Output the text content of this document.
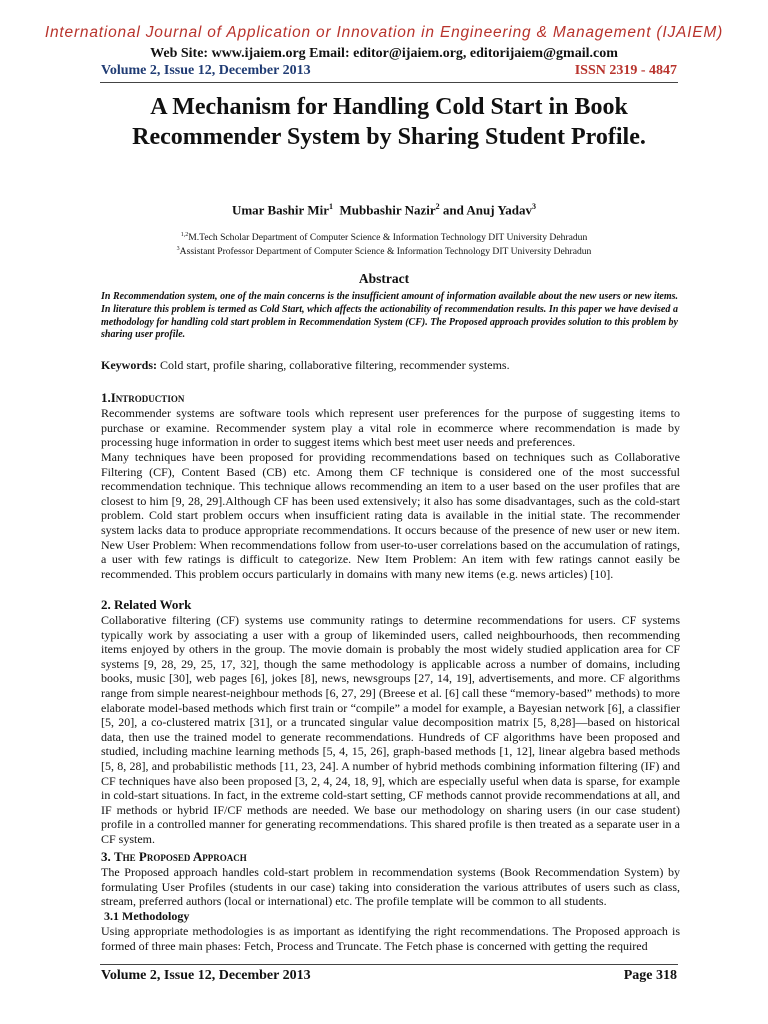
International Journal of Application or Innovation in Engineering & Management (IJAIEM)
Web Site: www.ijaiem.org Email: editor@ijaiem.org, editorijaiem@gmail.com
Volume 2, Issue 12, December 2013	ISSN 2319 - 4847
A Mechanism for Handling Cold Start in Book Recommender System by Sharing Student Profile.
Umar Bashir Mir$^1$ Mubbashir Nazir$^2$ and Anuj Yadav$^3$
$^{1,2}$M.Tech Scholar Department of Computer Science & Information Technology DIT University Dehradun
$^3$Assistant Professor Department of Computer Science & Information Technology DIT University Dehradun
Abstract

In Recommendation system, one of the main concerns is the insufficient amount of information available about the new users or new items. In literature this problem is termed as Cold Start, which affects the actionability of recommendation results. In this paper we have devised a methodology for handling cold start problem in Recommendation System (CF). The Proposed approach provides solution to this problem by sharing user profile.

Keywords: Cold start, profile sharing, collaborative filtering, recommender systems.

1.Introduction

Recommender systems are software tools which represent user preferences for the purpose of suggesting items to purchase or examine. Recommender system play a vital role in ecommerce where recommendation is made by processing huge information in order to suggest items which best meet user needs and preferences.

Many techniques have been proposed for providing recommendations based on techniques such as Collaborative Filtering (CF), Content Based (CB) etc. Among them CF technique is considered one of the most successful recommendation technique. This technique allows recommending an item to a user based on the user profiles that are closest to him [9, 28, 29].Although CF has been used extensively; it also has some disadvantages, such as the cold-start problem. Cold start problem occurs when insufficient rating data is available in the initial state. The recommender system lacks data to produce appropriate recommendations. It occurs because of the presence of new user or new item. New User Problem: When recommendations follow from user-to-user correlations based on the accumulation of ratings, a user with few ratings is difficult to categorize. New Item Problem: An item with few ratings cannot easily be recommended. This problem occurs particularly in domains with many new items (e.g. news articles) [10].

2. Related Work

Collaborative filtering (CF) systems use community ratings to determine recommendations for users. CF systems typically work by associating a user with a group of likeminded users, called neighbourhoods, then recommending items enjoyed by others in the group. The movie domain is probably the most widely studied application area for CF systems [9, 28, 29, 25, 17, 32], though the same methodology is applicable across a number of domains, including books, music [30], web pages [6], jokes [8], news, newsgroups [27, 14, 19], advertisements, and more. CF algorithms range from simple nearest-neighbour methods [6, 27, 29] (Breese et al. [6] call these “memory-based” methods) to more elaborate model-based methods which first train or “compile” a model for example, a Bayesian network [6], a classifier [5, 20], a co-clustered matrix [31], or a truncated singular value decomposition matrix [5, 8,28]—based on historical data, then use the trained model to generate recommendations. Hundreds of CF algorithms have been proposed and studied, including machine learning methods [5, 4, 15, 26], graph-based methods [1, 12], linear algebra based methods [5, 8, 28], and probabilistic methods [11, 23, 24]. A number of hybrid methods combining information filtering (IF) and CF techniques have also been proposed [3, 2, 4, 24, 18, 9], which are especially useful when data is sparse, for example in cold-start situations. In fact, in the extreme cold-start setting, CF methods cannot provide recommendations at all, and IF methods or hybrid IF/CF methods are needed. We base our methodology on sharing users (in our case student) profile in a controlled manner for generating recommendations. This shared profile is then treated as a separate user in a CF system.

3. The Proposed Approach

The Proposed approach handles cold-start problem in recommendation systems (Book Recommendation System) by formulating User Profiles (students in our case) taking into consideration the various attributes of users such as class, stream, preferred authors (local or international) etc. The profile template will be common to all students.

3.1 Methodology

Using appropriate methodologies is as important as identifying the right recommendations. The Proposed approach is formed of three main phases: Fetch, Process and Truncate. The Fetch phase is concerned with getting the required

Volume 2, Issue 12, December 2013	Page 318
